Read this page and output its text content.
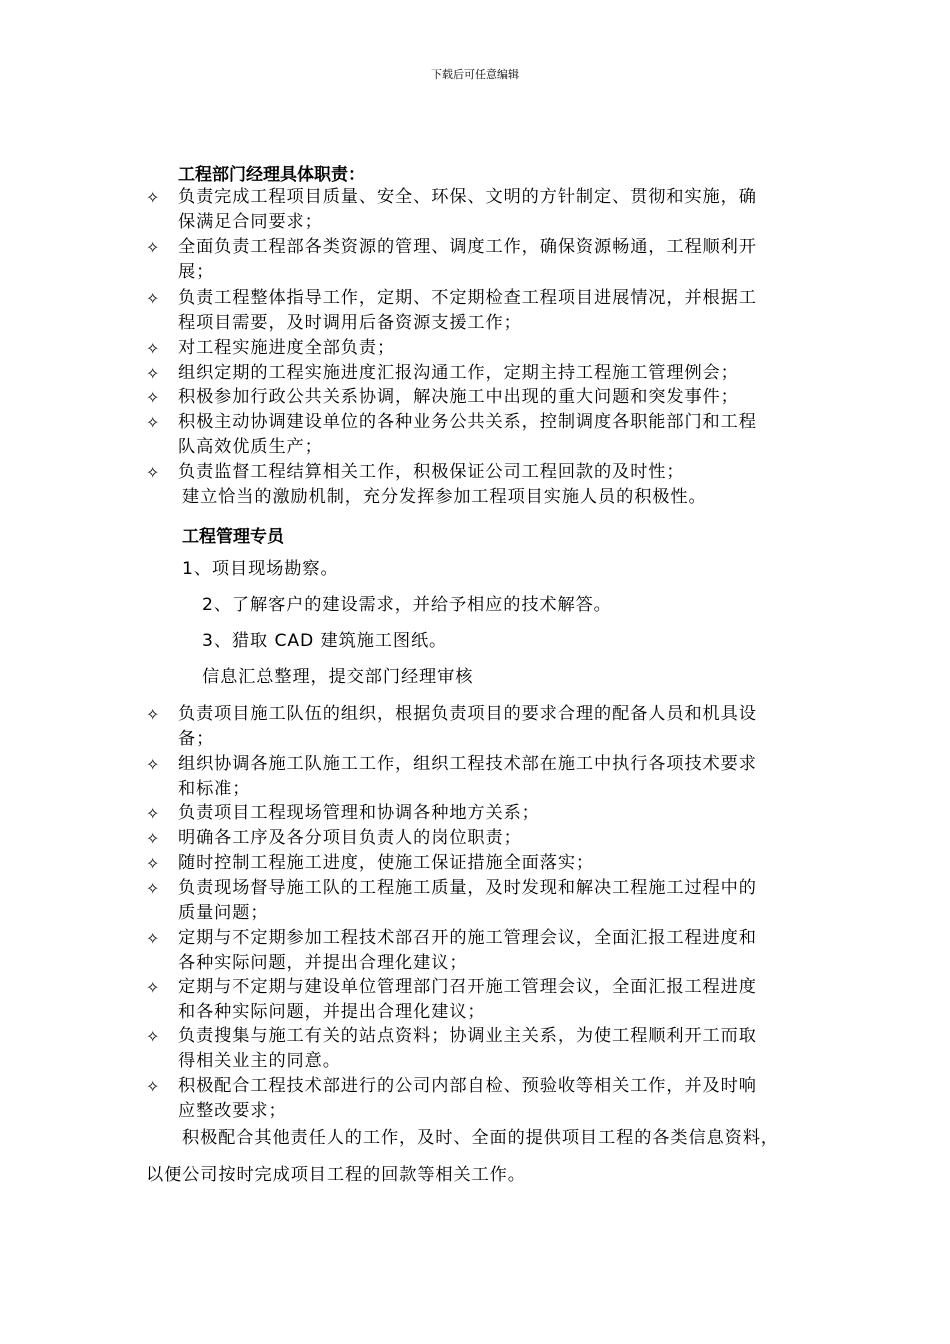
下载后可任意编辑
工程部门经理具体职责：
✧	负责完成工程项目质量、安全、环保、文明的方针制定、贯彻和实施，确
保满足合同要求；
✧	全面负责工程部各类资源的管理、调度工作，确保资源畅通，工程顺利开
展；
✧	负责工程整体指导工作，定期、不定期检查工程项目进展情况，并根据工
程项目需要，及时调用后备资源支援工作；
✧	对工程实施进度全部负责；
✧	组织定期的工程实施进度汇报沟通工作，定期主持工程施工管理例会；
✧	积极参加行政公共关系协调，解决施工中出现的重大问题和突发事件；
✧	积极主动协调建设单位的各种业务公共关系，控制调度各职能部门和工程
队高效优质生产；
✧	负责监督工程结算相关工作，积极保证公司工程回款的及时性；
建立恰当的激励机制，充分发挥参加工程项目实施人员的积极性。
工程管理专员
1、项目现场勘察。
2、了解客户的建设需求，并给予相应的技术解答。
3、猎取 CAD 建筑施工图纸。
信息汇总整理，提交部门经理审核
✧	负责项目施工队伍的组织，根据负责项目的要求合理的配备人员和机具设
备；
✧	组织协调各施工队施工工作，组织工程技术部在施工中执行各项技术要求
和标准；
✧	负责项目工程现场管理和协调各种地方关系；
✧	明确各工序及各分项目负责人的岗位职责；
✧	随时控制工程施工进度，使施工保证措施全面落实；
✧	负责现场督导施工队的工程施工质量，及时发现和解决工程施工过程中的
质量问题；
✧	定期与不定期参加工程技术部召开的施工管理会议，全面汇报工程进度和
各种实际问题，并提出合理化建议；
✧	定期与不定期与建设单位管理部门召开施工管理会议，全面汇报工程进度
和各种实际问题，并提出合理化建议；
✧	负责搜集与施工有关的站点资料；协调业主关系，为使工程顺利开工而取
得相关业主的同意。
✧	积极配合工程技术部进行的公司内部自检、预验收等相关工作，并及时响
应整改要求；
积极配合其他责任人的工作，及时、全面的提供项目工程的各类信息资料，
以便公司按时完成项目工程的回款等相关工作。
